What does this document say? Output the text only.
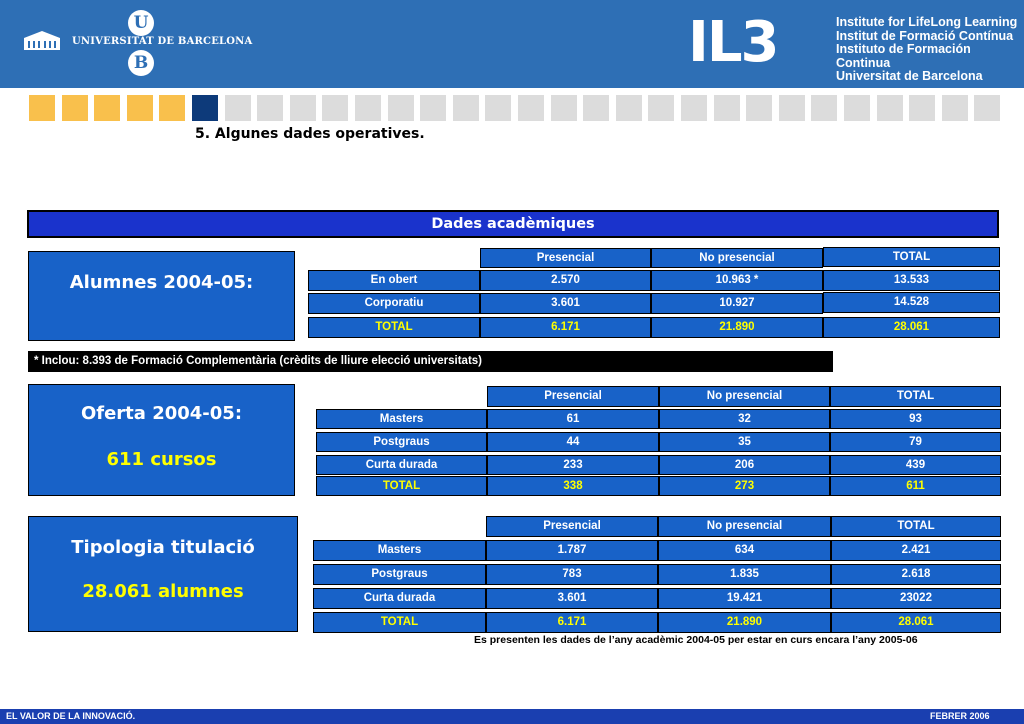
U
B
UNIVERSITAT DE BARCELONA	IL3	Institute for LifeLong Learning
Institut de Formació Contínua
Instituto de Formación Continua
Universitat de Barcelona
5. Algunes dades operatives.
Dades acadèmiques
Alumnes 2004-05:
Presencial	No presencial	TOTAL
En obert	2.570	10.963 *	13.533
Corporatiu	3.601	10.927	14.528
TOTAL	6.171	21.890	28.061
* Inclou: 8.393 de Formació Complementària (crèdits de lliure elecció universitats)
Oferta 2004-05:
611 cursos
Presencial	No presencial	TOTAL
Masters	61	32	93
Postgraus	44	35	79
Curta durada	233	206	439
TOTAL	338	273	611
Tipologia titulació
28.061 alumnes
Presencial	No presencial	TOTAL
Masters	1.787	634	2.421
Postgraus	783	1.835	2.618
Curta durada	3.601	19.421	23022
TOTAL	6.171	21.890	28.061
Es presenten les dades de l’any acadèmic 2004-05 per estar en curs encara l’any 2005-06
EL VALOR DE LA INNOVACIÓ.	FEBRER 2006
